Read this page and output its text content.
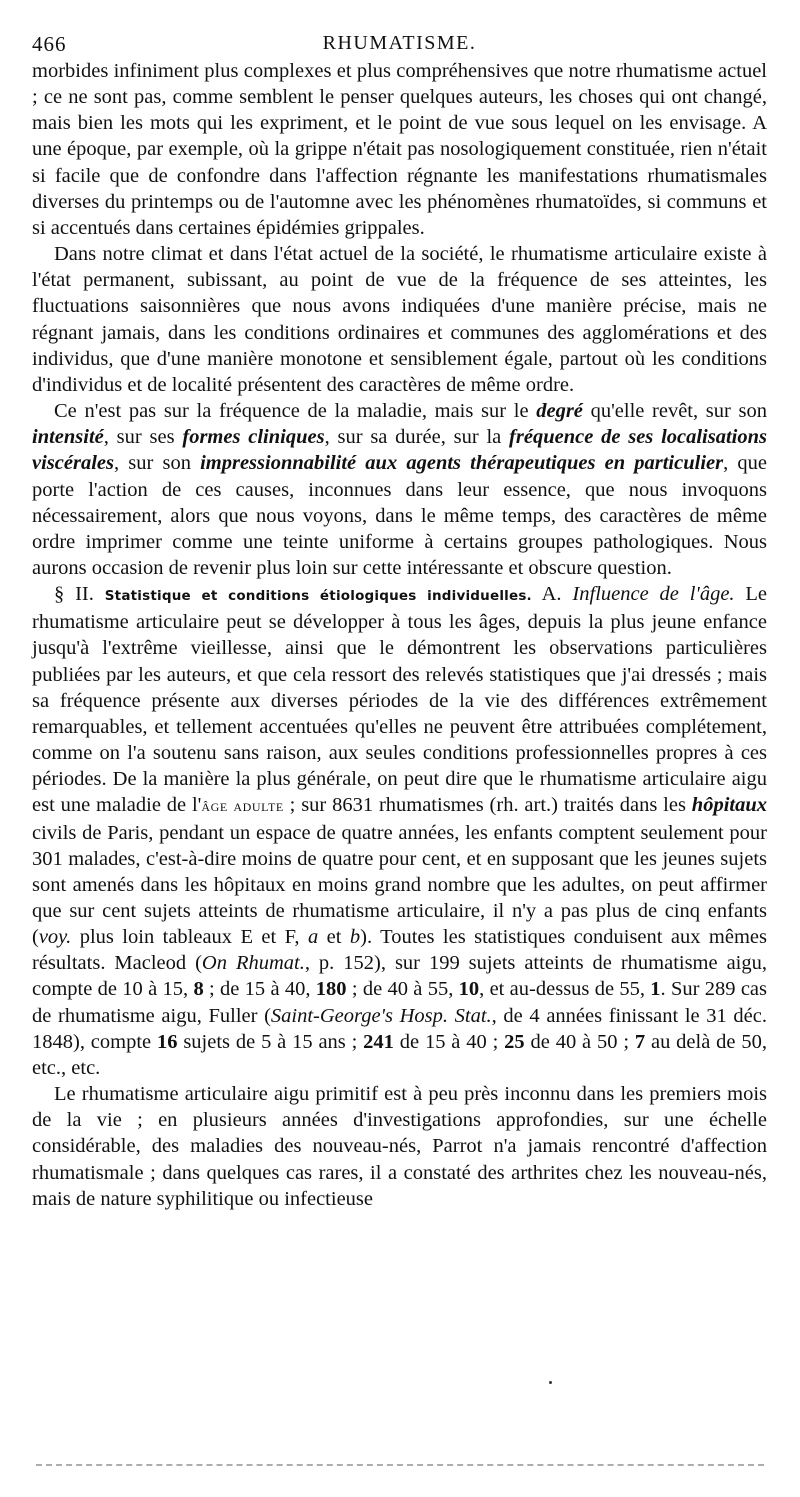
466	RHUMATISME.

morbides infiniment plus complexes et plus compréhensives que notre rhumatisme actuel ; ce ne sont pas, comme semblent le penser quelques auteurs, les choses qui ont changé, mais bien les mots qui les expriment, et le point de vue sous lequel on les envisage. A une époque, par exemple, où la grippe n'était pas nosologiquement constituée, rien n'était si facile que de confondre dans l'affection régnante les manifestations rhumatismales diverses du printemps ou de l'automne avec les phénomènes rhumatoïdes, si communs et si accentués dans certaines épidémies grippales.

Dans notre climat et dans l'état actuel de la société, le rhumatisme articulaire existe à l'état permanent, subissant, au point de vue de la fréquence de ses atteintes, les fluctuations saisonnières que nous avons indiquées d'une manière précise, mais ne régnant jamais, dans les conditions ordinaires et communes des agglomérations et des individus, que d'une manière monotone et sensiblement égale, partout où les conditions d'individus et de localité présentent des caractères de même ordre.

Ce n'est pas sur la fréquence de la maladie, mais sur le degré qu'elle revêt, sur son intensité, sur ses formes cliniques, sur sa durée, sur la fréquence de ses localisations viscérales, sur son impressionnabilité aux agents thérapeutiques en particulier, que porte l'action de ces causes, inconnues dans leur essence, que nous invoquons nécessairement, alors que nous voyons, dans le même temps, des caractères de même ordre imprimer comme une teinte uniforme à certains groupes pathologiques. Nous aurons occasion de revenir plus loin sur cette intéressante et obscure question.

§ II. Statistique et conditions étiologiques individuelles. A. Influence de l'âge. Le rhumatisme articulaire peut se développer à tous les âges, depuis la plus jeune enfance jusqu'à l'extrême vieillesse, ainsi que le démontrent les observations particulières publiées par les auteurs, et que cela ressort des relevés statistiques que j'ai dressés ; mais sa fréquence présente aux diverses périodes de la vie des différences extrêmement remarquables, et tellement accentuées qu'elles ne peuvent être attribuées complétement, comme on l'a soutenu sans raison, aux seules conditions professionnelles propres à ces périodes. De la manière la plus générale, on peut dire que le rhumatisme articulaire aigu est une maladie de l'âge adulte ; sur 8631 rhumatismes (rh. art.) traités dans les hôpitaux civils de Paris, pendant un espace de quatre années, les enfants comptent seulement pour 301 malades, c'est-à-dire moins de quatre pour cent, et en supposant que les jeunes sujets sont amenés dans les hôpitaux en moins grand nombre que les adultes, on peut affirmer que sur cent sujets atteints de rhumatisme articulaire, il n'y a pas plus de cinq enfants (voy. plus loin tableaux E et F, a et b). Toutes les statistiques conduisent aux mêmes résultats. Macleod (On Rhumat., p. 152), sur 199 sujets atteints de rhumatisme aigu, compte de 10 à 15, 8 ; de 15 à 40, 180 ; de 40 à 55, 10, et au-dessus de 55, 1. Sur 289 cas de rhumatisme aigu, Fuller (Saint-George's Hosp. Stat., de 4 années finissant le 31 déc. 1848), compte 16 sujets de 5 à 15 ans ; 241 de 15 à 40 ; 25 de 40 à 50 ; 7 au delà de 50, etc., etc.

Le rhumatisme articulaire aigu primitif est à peu près inconnu dans les premiers mois de la vie ; en plusieurs années d'investigations approfondies, sur une échelle considérable, des maladies des nouveau-nés, Parrot n'a jamais rencontré d'affection rhumatismale ; dans quelques cas rares, il a constaté des arthrites chez les nouveau-nés, mais de nature syphilitique ou infectieuse
